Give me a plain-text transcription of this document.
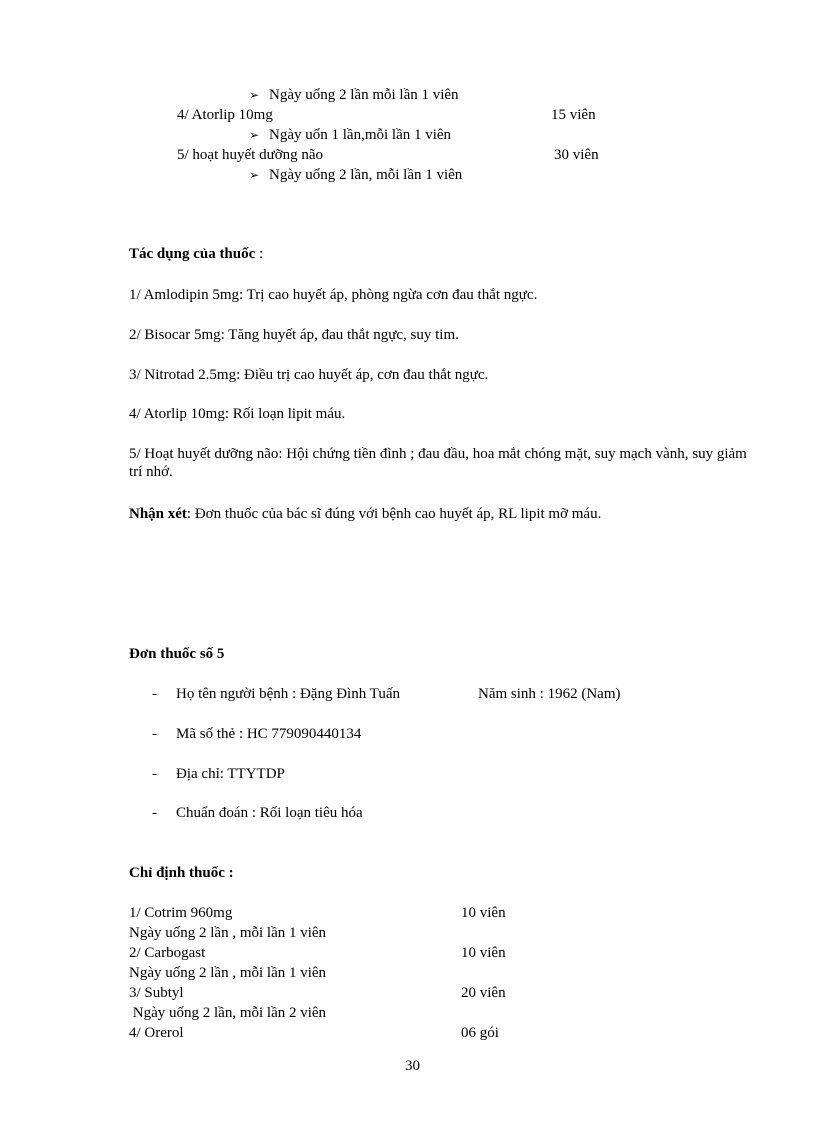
➢ Ngày uống 2 lần mỗi lần 1 viên
4/ Atorlip 10mg	15 viên
➢ Ngày uốn 1 lần,mỗi lần 1 viên
5/ hoạt huyết dưỡng não	30 viên
➢ Ngày uống 2 lần, mỗi lần 1 viên
Tác dụng của thuốc :
1/ Amlodipin 5mg: Trị cao huyết áp, phòng ngừa cơn đau thắt ngực.
2/ Bisocar 5mg: Tăng huyết áp, đau thắt ngực, suy tim.
3/ Nitrotad 2.5mg: Điều trị cao huyết áp, cơn đau thắt ngực.
4/ Atorlip 10mg: Rối loạn lipit máu.
5/ Hoạt huyết dưỡng não: Hội chứng tiền đình ; đau đầu, hoa mắt chóng mặt, suy mạch vành, suy giảm trí nhớ.
Nhận xét: Đơn thuốc của bác sĩ đúng với bệnh cao huyết áp, RL lipit mỡ máu.
Đơn thuốc số 5
- Họ tên người bệnh : Đặng Đình Tuấn	Năm sinh : 1962 (Nam)
- Mã số thẻ : HC 779090440134
- Địa chỉ: TTYTDP
- Chuẩn đoán : Rối loạn tiêu hóa
Chỉ định thuốc :
1/ Cotrim 960mg	10 viên
Ngày uống 2 lần , mỗi lần 1 viên
2/ Carbogast	10 viên
Ngày uống 2 lần , mỗi lần 1 viên
3/ Subtyl	20 viên
Ngày uống 2 lần, mỗi lần 2 viên
4/ Orerol	06 gói
30
